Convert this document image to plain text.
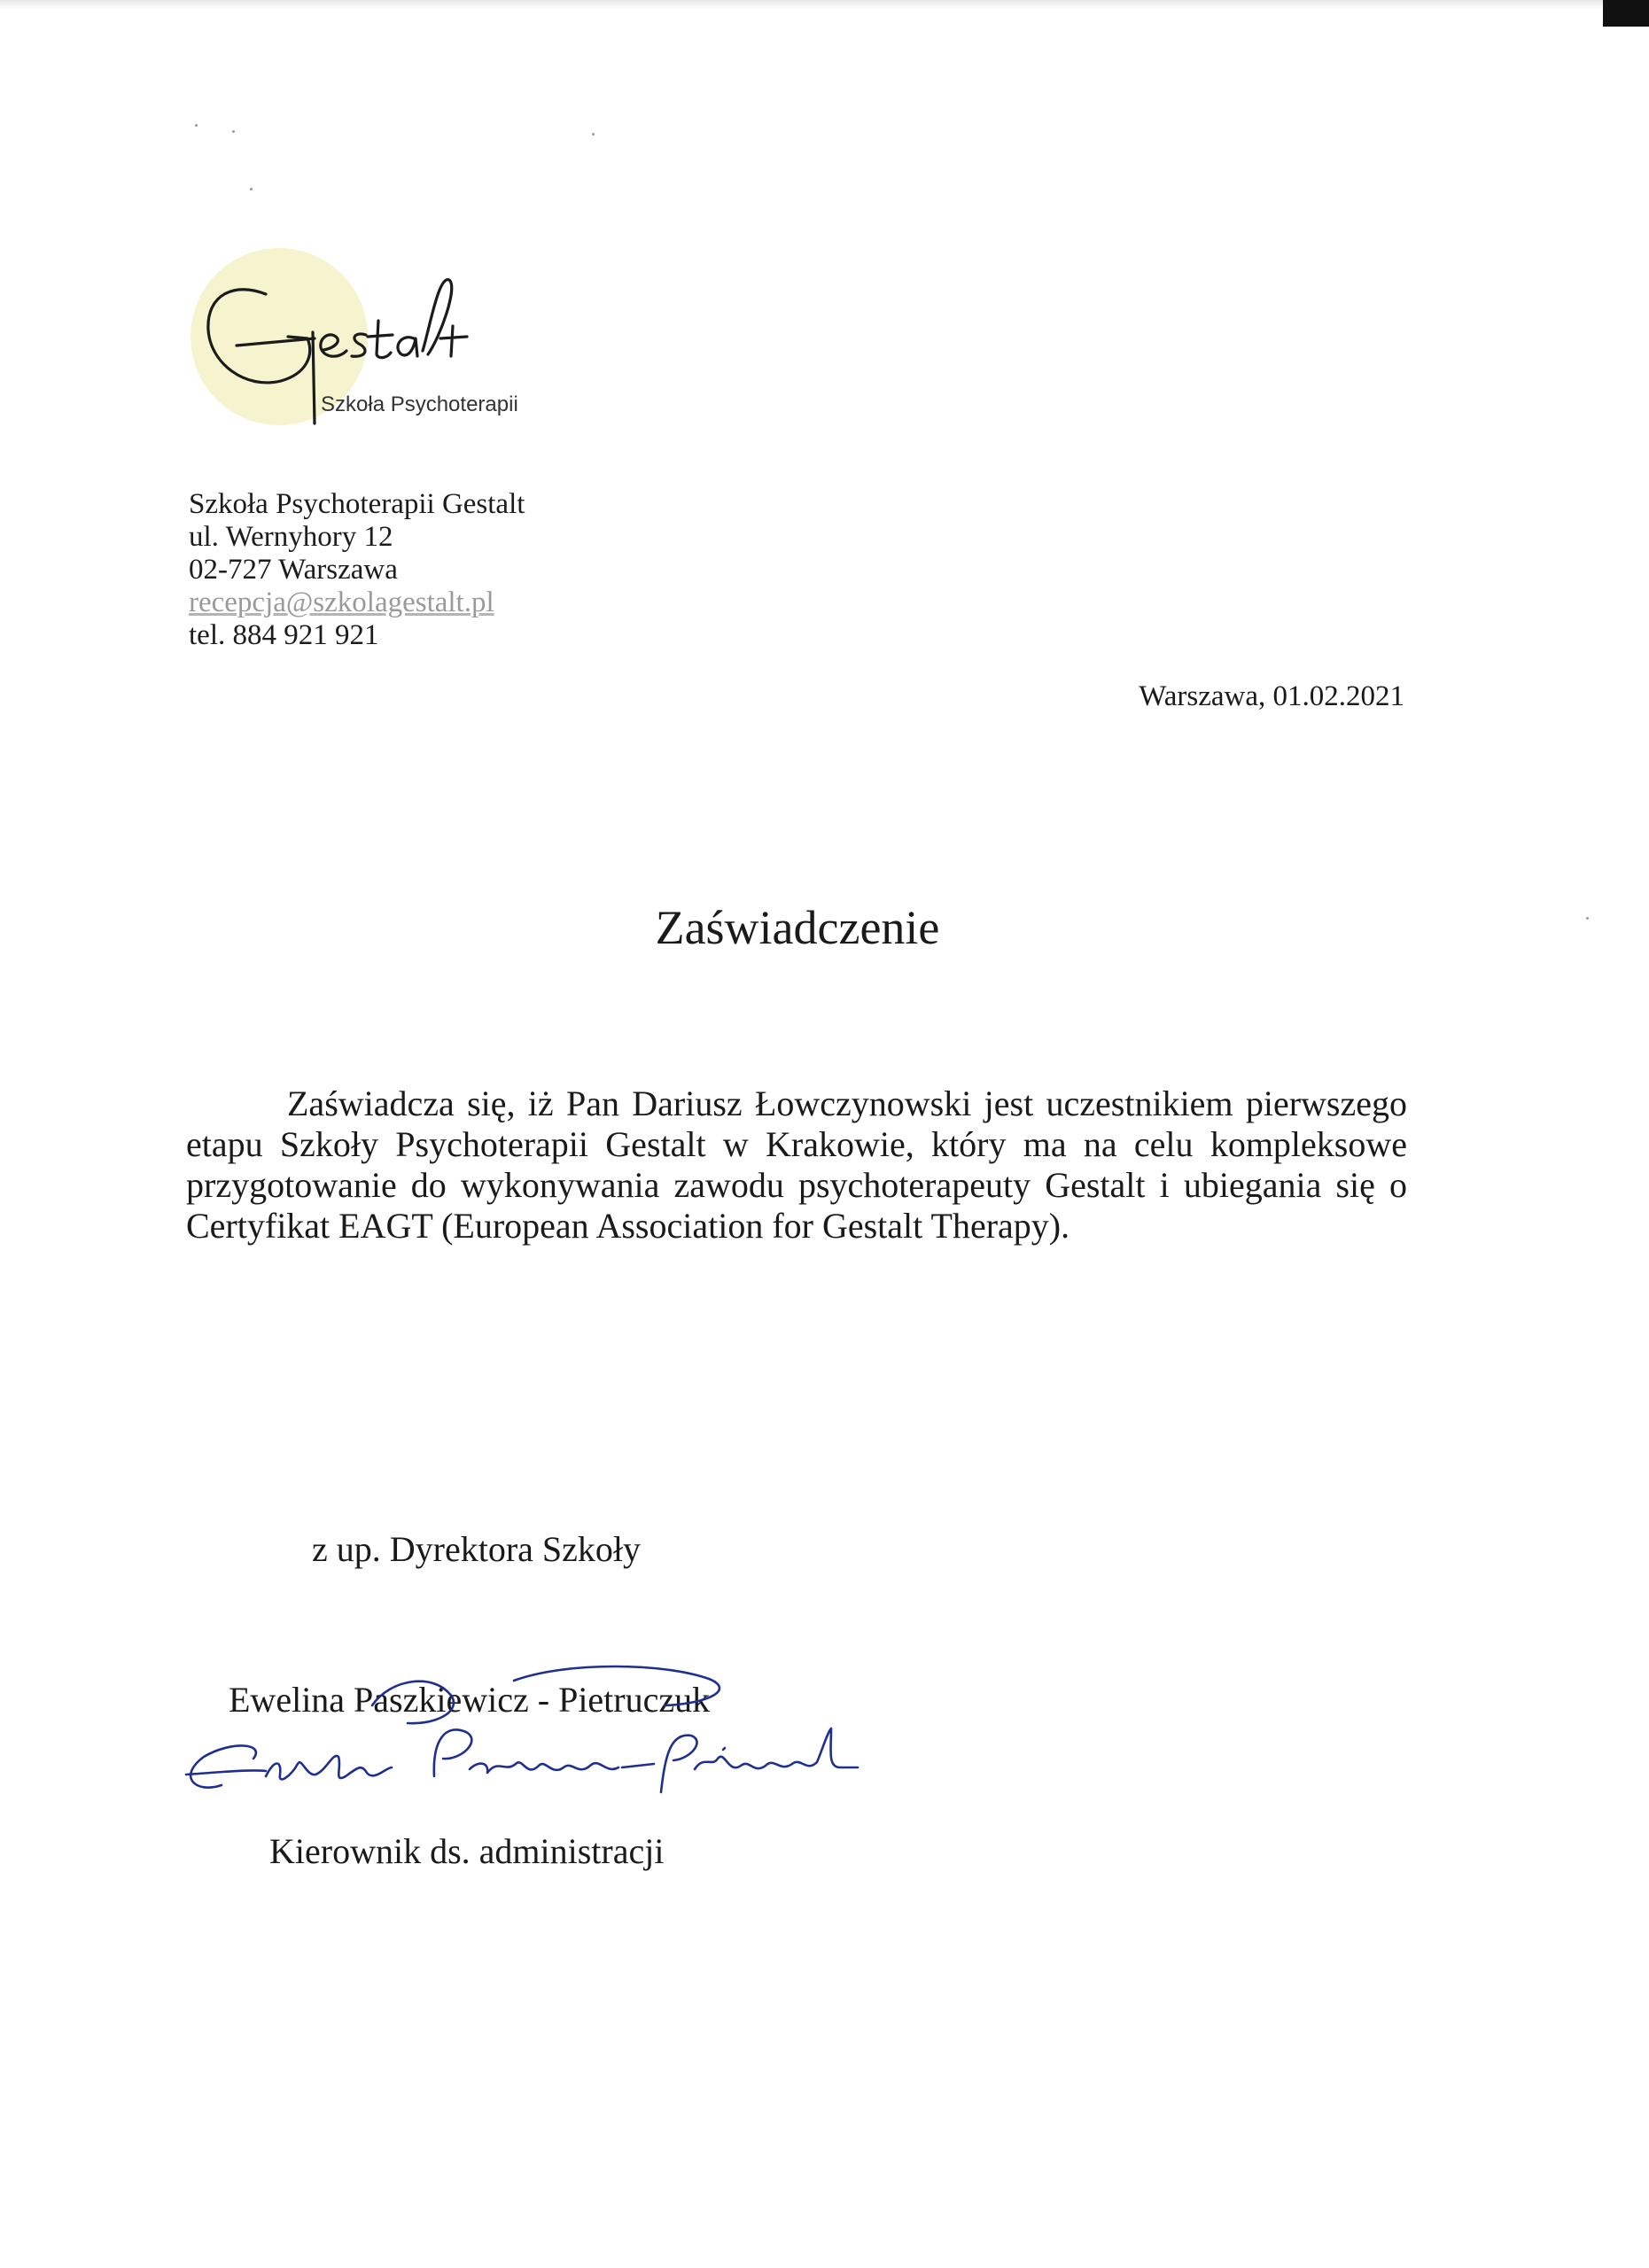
Szkoła Psychoterapii
Szkoła Psychoterapii Gestalt
ul. Wernyhory 12
02-727 Warszawa
recepcja@szkolagestalt.pl
tel. 884 921 921
Warszawa, 01.02.2021
Zaświadczenie

Zaświadcza się, iż Pan Dariusz Łowczynowski jest uczestnikiem pierwszego etapu Szkoły Psychoterapii Gestalt w Krakowie, który ma na celu kompleksowe przygotowanie do wykonywania zawodu psychoterapeuty Gestalt i ubiegania się o Certyfikat EAGT (European Association for Gestalt Therapy).

z up. Dyrektora Szkoły
Ewelina Paszkiewicz - Pietruczuk
Kierownik ds. administracji
